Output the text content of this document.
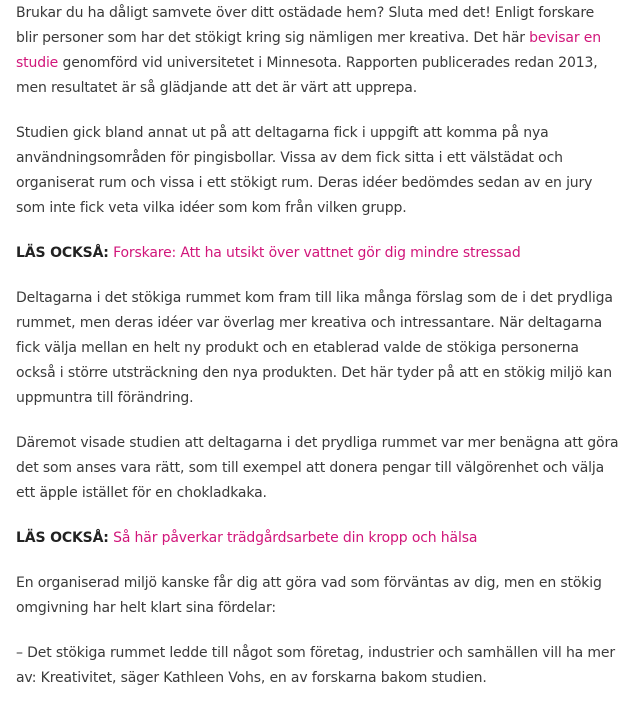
Brukar du ha dåligt samvete över ditt ostädade hem? Sluta med det! Enligt forskare blir personer som har det stökigt kring sig nämligen mer kreativa. Det här bevisar en studie genomförd vid universitetet i Minnesota. Rapporten publicerades redan 2013, men resultatet är så glädjande att det är värt att upprepa.

Studien gick bland annat ut på att deltagarna fick i uppgift att komma på nya användningsområden för pingisbollar. Vissa av dem fick sitta i ett välstädat och organiserat rum och vissa i ett stökigt rum. Deras idéer bedömdes sedan av en jury som inte fick veta vilka idéer som kom från vilken grupp.

LÄS OCKSÅ: Forskare: Att ha utsikt över vattnet gör dig mindre stressad

Deltagarna i det stökiga rummet kom fram till lika många förslag som de i det prydliga rummet, men deras idéer var överlag mer kreativa och intressantare. När deltagarna fick välja mellan en helt ny produkt och en etablerad valde de stökiga personerna också i större utsträckning den nya produkten. Det här tyder på att en stökig miljö kan uppmuntra till förändring.

Däremot visade studien att deltagarna i det prydliga rummet var mer benägna att göra det som anses vara rätt, som till exempel att donera pengar till välgörenhet och välja ett äpple istället för en chokladkaka.

LÄS OCKSÅ: Så här påverkar trädgårdsarbete din kropp och hälsa

En organiserad miljö kanske får dig att göra vad som förväntas av dig, men en stökig omgivning har helt klart sina fördelar:

– Det stökiga rummet ledde till något som företag, industrier och samhällen vill ha mer av: Kreativitet, säger Kathleen Vohs, en av forskarna bakom studien.
